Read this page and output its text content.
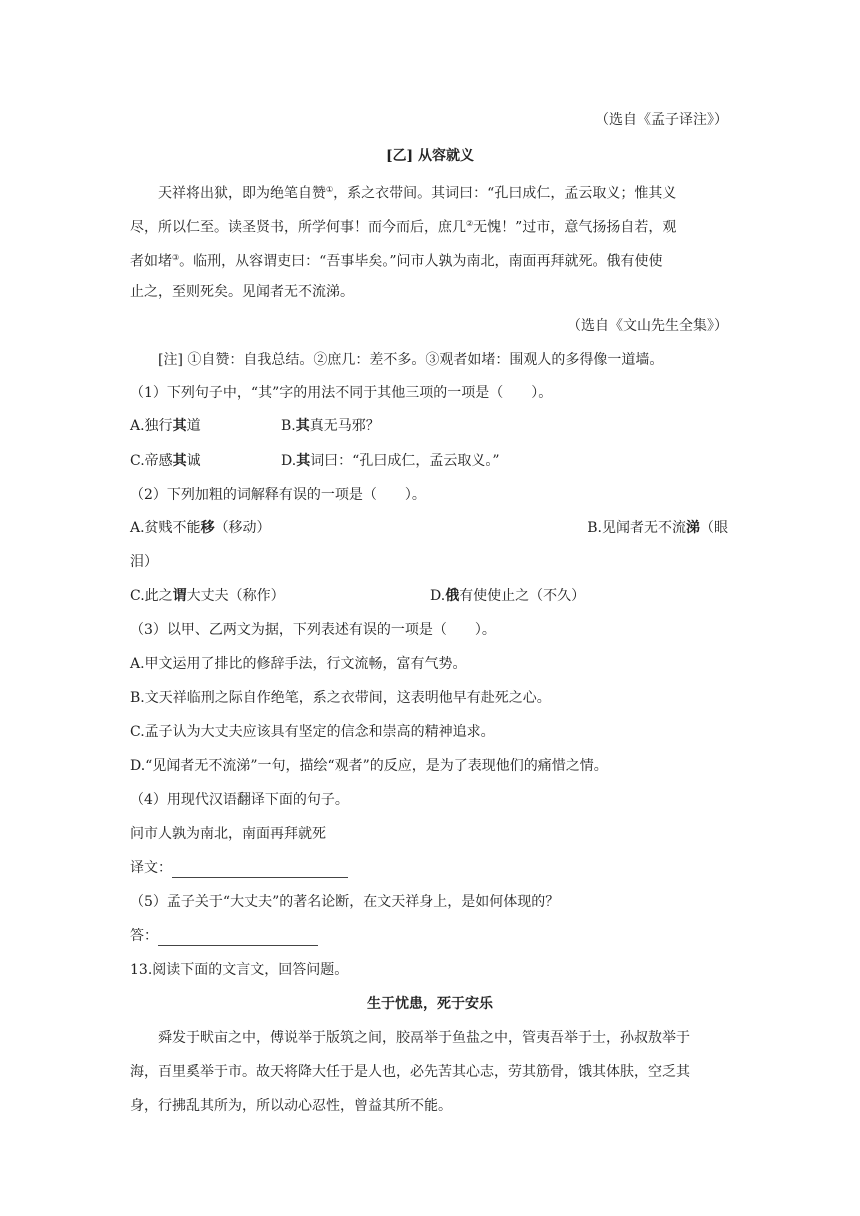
（选自《孟子译注》）
[乙] 从容就义
天祥将出狱，即为绝笔自赞①，系之衣带间。其词曰：“孔曰成仁，孟云取义；惟其义
尽，所以仁至。读圣贤书，所学何事！而今而后，庶几②无愧！”过市，意气扬扬自若，观
者如堵③。临刑，从容谓吏曰：“吾事毕矣。”问市人孰为南北，南面再拜就死。俄有使使
止之，至则死矣。见闻者无不流涕。
（选自《文山先生全集》）
[注] ①自赞：自我总结。②庶几：差不多。③观者如堵：围观人的多得像一道墙。
（1）下列句子中，“其”字的用法不同于其他三项的一项是（　　）。
A.独行其道	B.其真无马邪？
C.帝感其诚	D.其词曰：“孔曰成仁，孟云取义。”
（2）下列加粗的词解释有误的一项是（　　）。
A.贫贱不能移（移动）	B.见闻者无不流涕（眼
泪）
C.此之谓大丈夫（称作）	D.俄有使使止之（不久）
（3）以甲、乙两文为据，下列表述有误的一项是（　　）。
A.甲文运用了排比的修辞手法，行文流畅，富有气势。
B.文天祥临刑之际自作绝笔，系之衣带间，这表明他早有赴死之心。
C.孟子认为大丈夫应该具有坚定的信念和崇高的精神追求。
D.“见闻者无不流涕”一句，描绘“观者”的反应，是为了表现他们的痛惜之情。
（4）用现代汉语翻译下面的句子。
问市人孰为南北，南面再拜就死
译文：
（5）孟子关于“大丈夫”的著名论断，在文天祥身上，是如何体现的？
答：
13.阅读下面的文言文，回答问题。
生于忧患，死于安乐
舜发于畎亩之中，傅说举于版筑之间，胶鬲举于鱼盐之中，管夷吾举于士，孙叔敖举于
海，百里奚举于市。故天将降大任于是人也，必先苦其心志，劳其筋骨，饿其体肤，空乏其
身，行拂乱其所为，所以动心忍性，曾益其所不能。
